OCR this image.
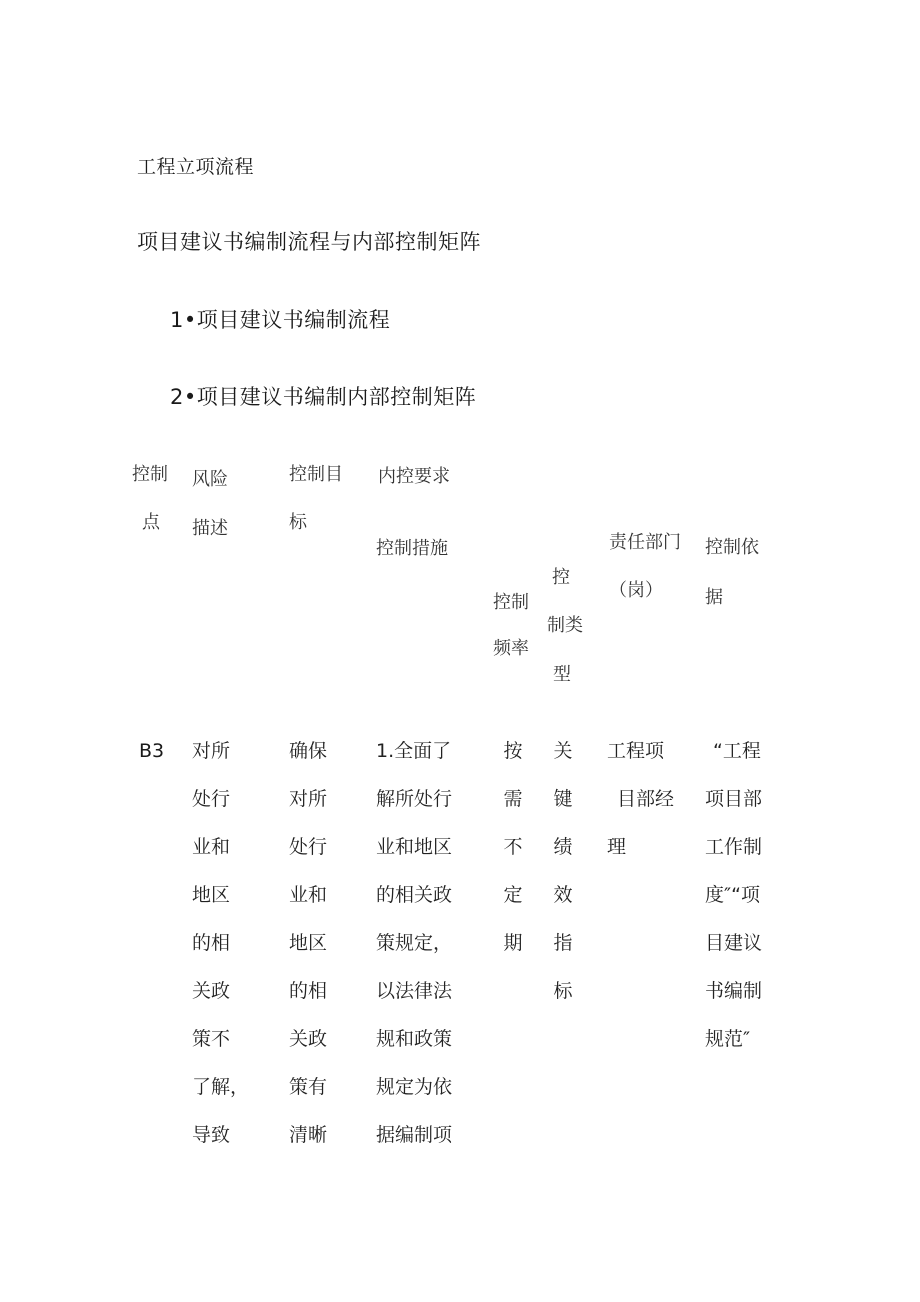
工程立项流程
项目建议书编制流程与内部控制矩阵
1•项目建议书编制流程
2•项目建议书编制内部控制矩阵
控制
点
风险
描述
控制目
标
内控要求
控制措施
控制
频率
控
制类
型
责任部门
（岗）
控制依
据
B3 对所
处行
业和
地区
的相
关政
策不
了解，
导致
确保
对所
处行
业和
地区
的相
关政
策有
清晰
1.全面了
解所处行
业和地区
的相关政
策规定，
以法律法
规和政策
规定为依
据编制项
按
需
不
定
期
关
键
绩
效
指
标
工程项
目部经
理
“工程
项目部
工作制
度″“项
目建议
书编制
规范″
